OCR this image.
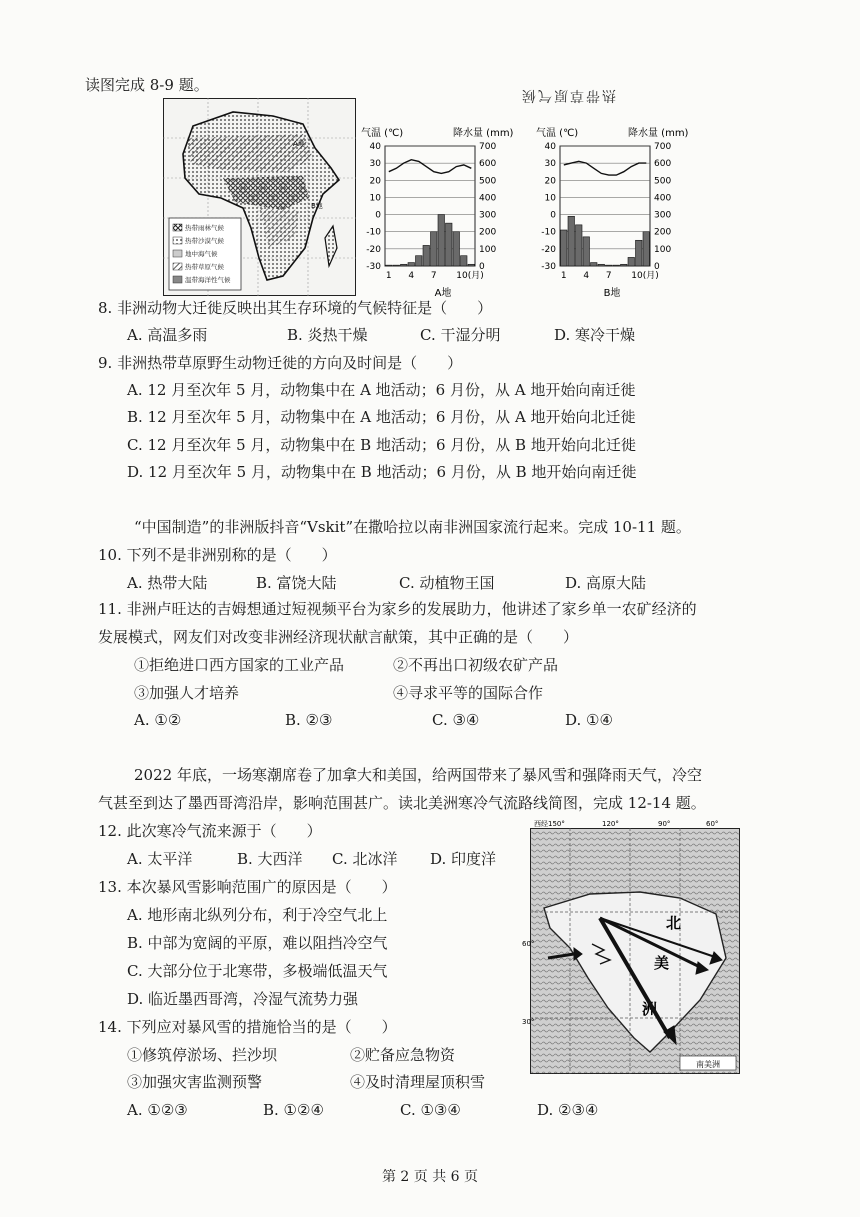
读图完成 8-9 题。
A地
B地
热带雨林气候
热带沙漠气候
地中海气候
热带草原气候
温带海洋性气候
热带草原气候
气温 (℃)	降水量 (mm)
A地
40
30
20
10
0
-10
-20
-30
700
600
500
400
300
200
100
0
1 4 7 10(月)
气温 (℃)	降水量 (mm)
B地
40
30
20
10
0
-10
-20
-30
700
600
500
400
300
200
100
0
1 4 7 10(月)
8. 非洲动物大迁徙反映出其生存环境的气候特征是（　　）
A. 高温多雨	B. 炎热干燥	C. 干湿分明	D. 寒冷干燥
9. 非洲热带草原野生动物迁徙的方向及时间是（　　）
A. 12 月至次年 5 月，动物集中在 A 地活动；6 月份，从 A 地开始向南迁徙
B. 12 月至次年 5 月，动物集中在 A 地活动；6 月份，从 A 地开始向北迁徙
C. 12 月至次年 5 月，动物集中在 B 地活动；6 月份，从 B 地开始向北迁徙
D. 12 月至次年 5 月，动物集中在 B 地活动；6 月份，从 B 地开始向南迁徙
“中国制造”的非洲版抖音“Vskit”在撒哈拉以南非洲国家流行起来。完成 10-11 题。
10. 下列不是非洲别称的是（　　）
A. 热带大陆	B. 富饶大陆	C. 动植物王国	D. 高原大陆
11. 非洲卢旺达的吉姆想通过短视频平台为家乡的发展助力，他讲述了家乡单一农矿经济的
发展模式，网友们对改变非洲经济现状献言献策，其中正确的是（　　）
①拒绝进口西方国家的工业产品	②不再出口初级农矿产品
③加强人才培养	④寻求平等的国际合作
A. ①②	B. ②③	C. ③④	D. ①④
2022 年底，一场寒潮席卷了加拿大和美国，给两国带来了暴风雪和强降雨天气，冷空
气甚至到达了墨西哥湾沿岸，影响范围甚广。读北美洲寒冷气流路线简图，完成 12-14 题。
12. 此次寒冷气流来源于（　　）
A. 太平洋	B. 大西洋 C. 北冰洋 D. 印度洋
13. 本次暴风雪影响范围广的原因是（　　）
A. 地形南北纵列分布，利于冷空气北上
B. 中部为宽阔的平原，难以阻挡冷空气
C. 大部分位于北寒带，多极端低温天气
D. 临近墨西哥湾，冷湿气流势力强
14. 下列应对暴风雪的措施恰当的是（　　）
①修筑停淤场、拦沙坝	②贮备应急物资
③加强灾害监测预警	④及时清理屋顶积雪
A. ①②③	B. ①②④	C. ①③④	D. ②③④
西经150°	120°	90°	60°
60°
30°
北
美
洲
南美洲
第 2 页 共 6 页
